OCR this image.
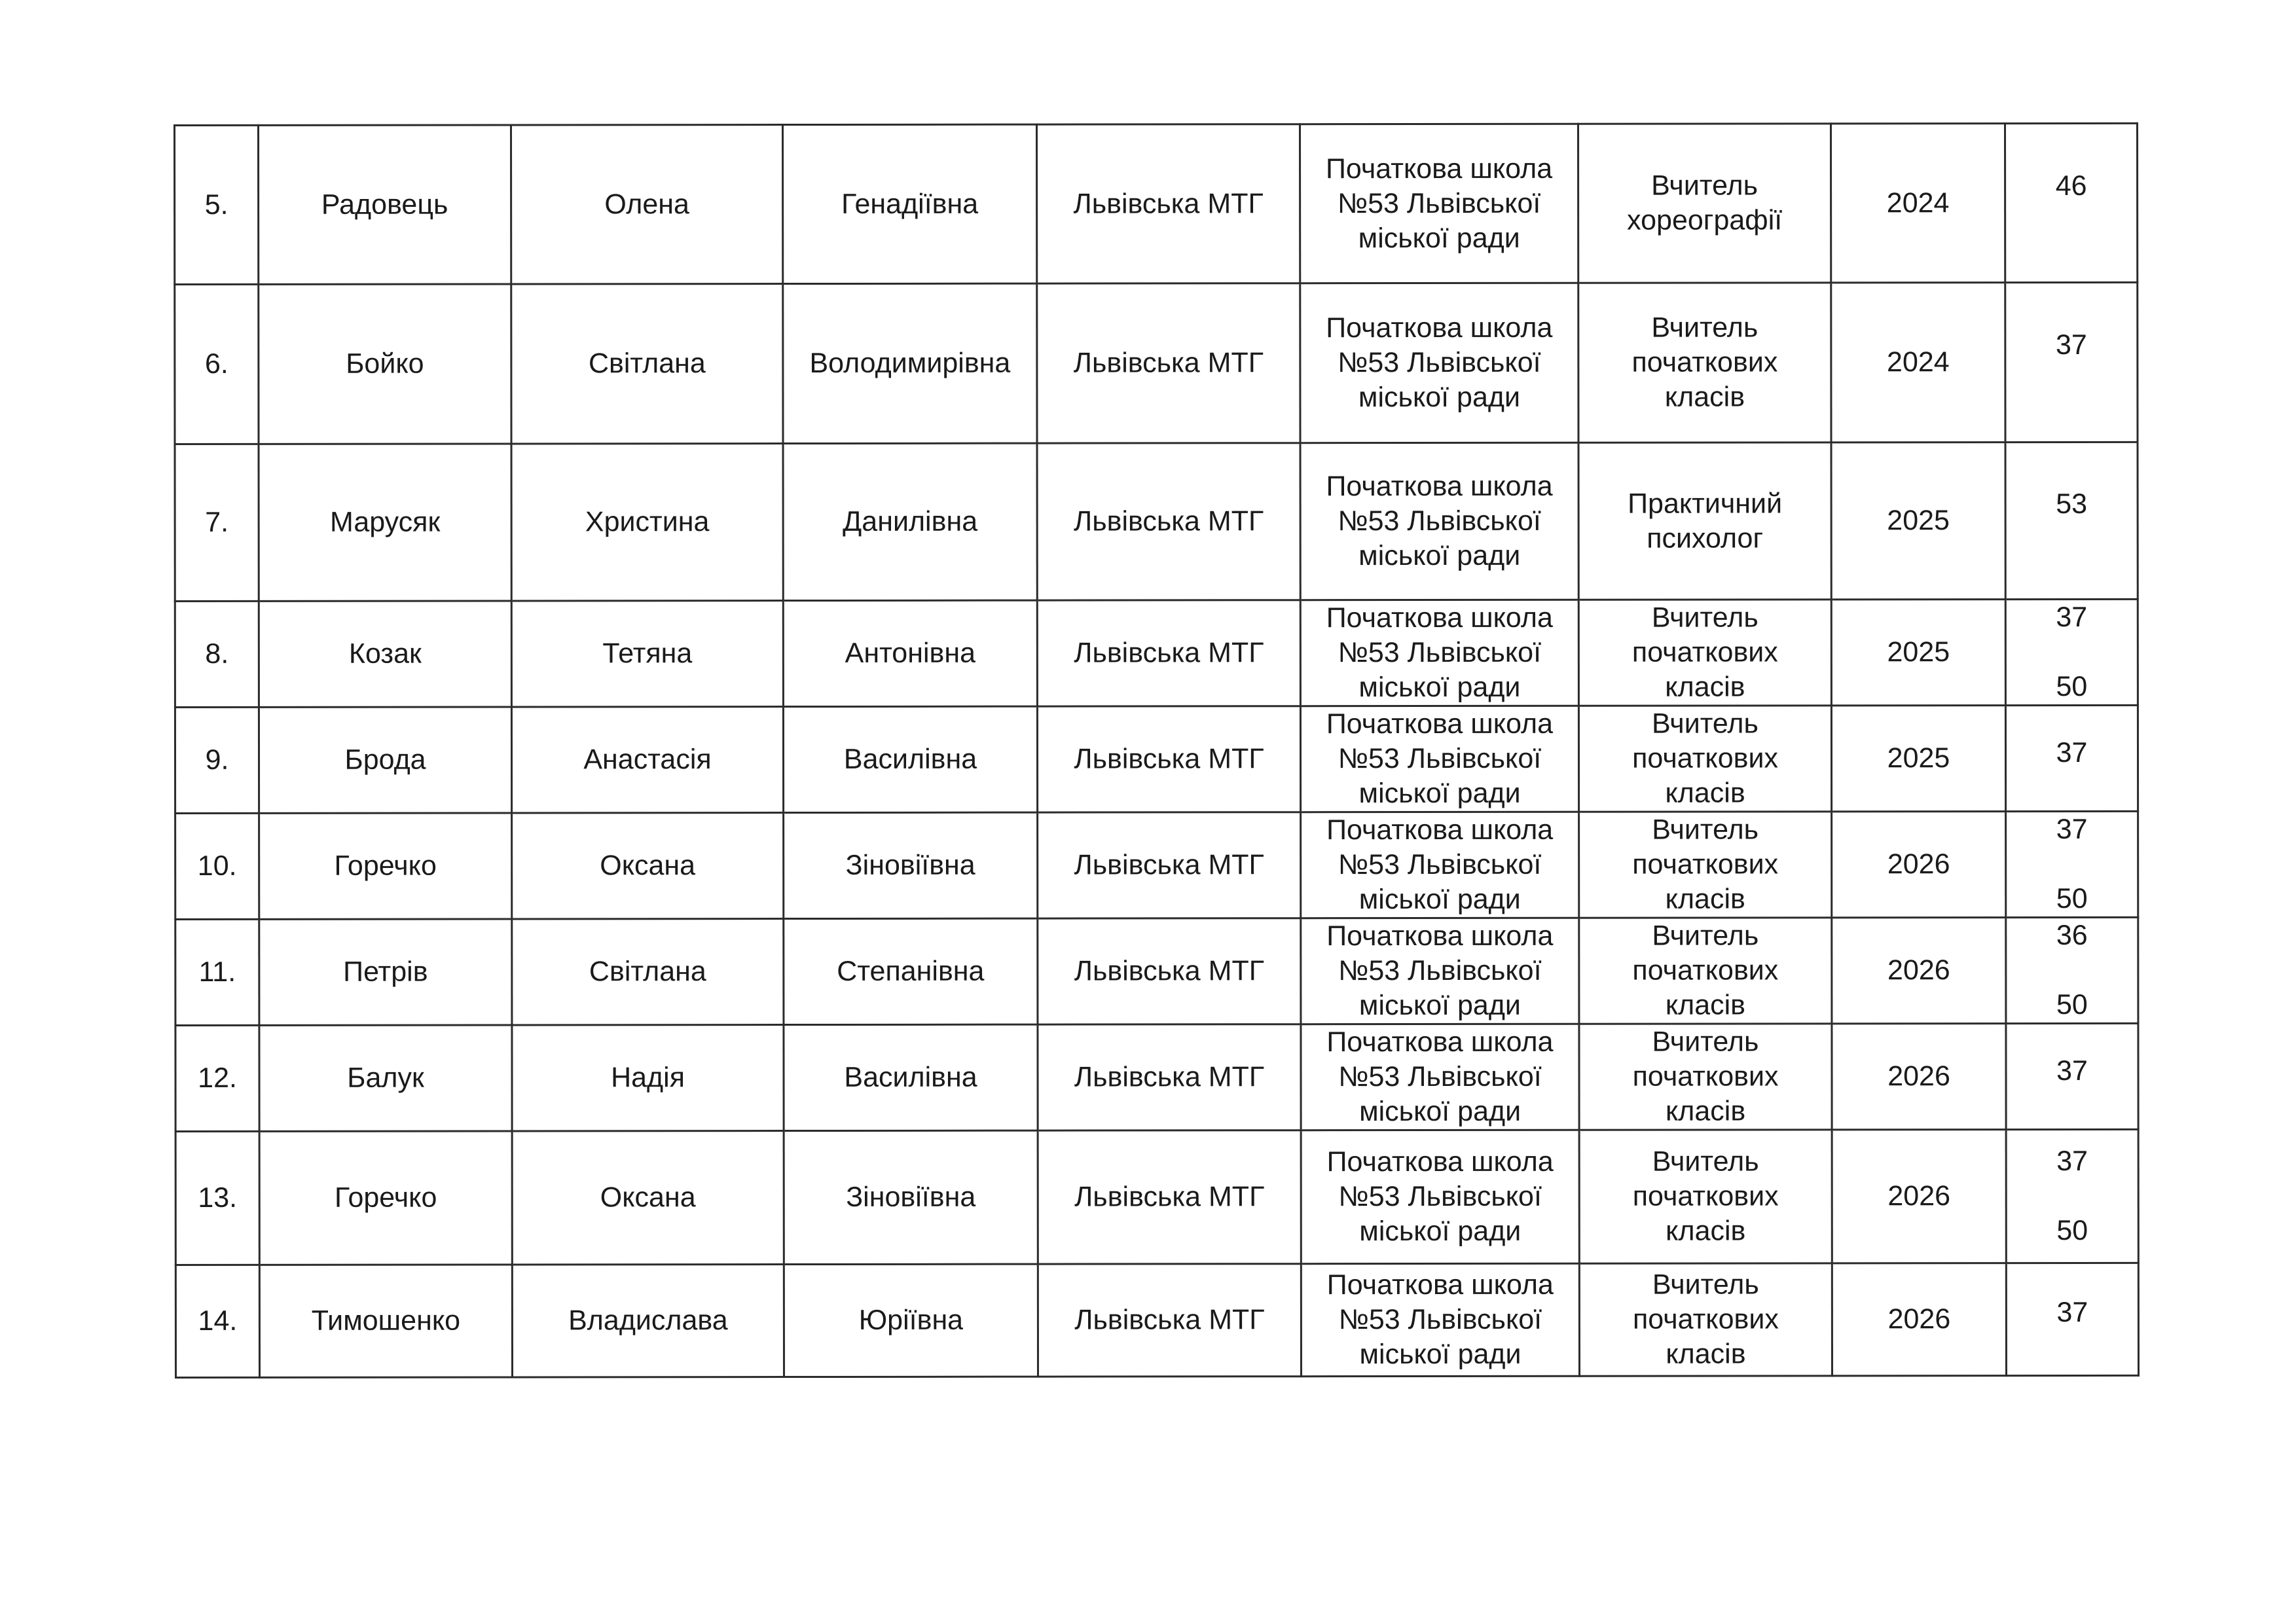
5.	Радовець	Олена	Генадіївна	Львівська МТГ	Початкова школа
№53 Львівської
міської ради	Вчитель
хореографії	2024	46

6.	Бойко	Світлана	Володимирівна	Львівська МТГ	Початкова школа
№53 Львівської
міської ради	Вчитель
початкових
класів	2024	37

7.	Марусяк	Христина	Данилівна	Львівська МТГ	Початкова школа
№53 Львівської
міської ради	Практичний
психолог	2025	53

8.	Козак	Тетяна	Антонівна	Львівська МТГ	Початкова школа
№53 Львівської
міської ради	Вчитель
початкових
класів	2025	37
50

9.	Брода	Анастасія	Василівна	Львівська МТГ	Початкова школа
№53 Львівської
міської ради	Вчитель
початкових
класів	2025	37

10.	Горечко	Оксана	Зіновіївна	Львівська МТГ	Початкова школа
№53 Львівської
міської ради	Вчитель
початкових
класів	2026	37
50

11.	Петрів	Світлана	Степанівна	Львівська МТГ	Початкова школа
№53 Львівської
міської ради	Вчитель
початкових
класів	2026	36
50

12.	Балук	Надія	Василівна	Львівська МТГ	Початкова школа
№53 Львівської
міської ради	Вчитель
початкових
класів	2026	37

13.	Горечко	Оксана	Зіновіївна	Львівська МТГ	Початкова школа
№53 Львівської
міської ради	Вчитель
початкових
класів	2026	37
50

14.	Тимошенко	Владислава	Юріївна	Львівська МТГ	Початкова школа
№53 Львівської
міської ради	Вчитель
початкових
класів	2026	37
